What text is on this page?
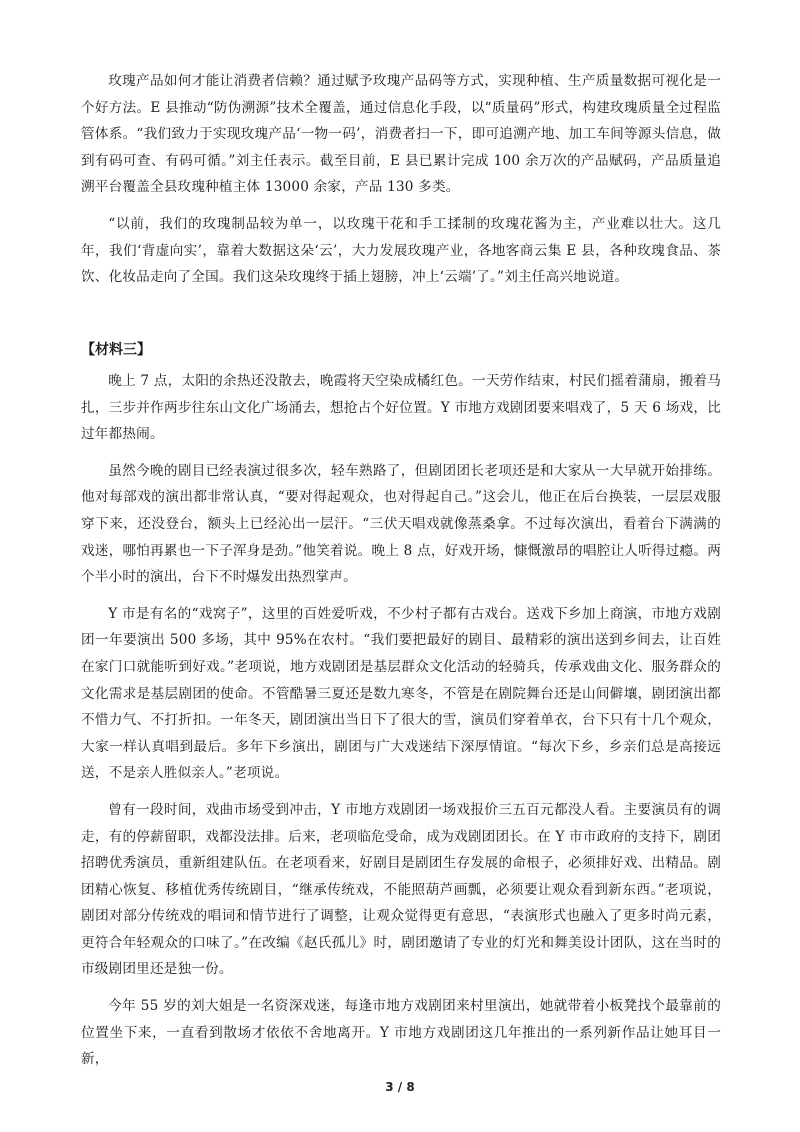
玫瑰产品如何才能让消费者信赖？通过赋予玫瑰产品码等方式，实现种植、生产质量数据可视化是一个好方法。E 县推动“防伪溯源”技术全覆盖，通过信息化手段，以“质量码”形式，构建玫瑰质量全过程监管体系。“我们致力于实现玫瑰产品‘一物一码’，消费者扫一下，即可追溯产地、加工车间等源头信息，做到有码可查、有码可循。”刘主任表示。截至目前，E 县已累计完成 100 余万次的产品赋码，产品质量追溯平台覆盖全县玫瑰种植主体 13000 余家，产品 130 多类。

“以前，我们的玫瑰制品较为单一，以玫瑰干花和手工揉制的玫瑰花酱为主，产业难以壮大。这几年，我们‘背虚向实’，靠着大数据这朵‘云’，大力发展玫瑰产业，各地客商云集 E 县，各种玫瑰食品、茶饮、化妆品走向了全国。我们这朵玫瑰终于插上翅膀，冲上‘云端’了。”刘主任高兴地说道。

【材料三】

晚上 7 点，太阳的余热还没散去，晚霞将天空染成橘红色。一天劳作结束，村民们摇着蒲扇，搬着马扎，三步并作两步往东山文化广场涌去，想抢占个好位置。Y 市地方戏剧团要来唱戏了，5 天 6 场戏，比过年都热闹。

虽然今晚的剧目已经表演过很多次，轻车熟路了，但剧团团长老项还是和大家从一大早就开始排练。他对每部戏的演出都非常认真，“要对得起观众，也对得起自己。”这会儿，他正在后台换装，一层层戏服穿下来，还没登台，额头上已经沁出一层汗。“三伏天唱戏就像蒸桑拿。不过每次演出，看着台下满满的戏迷，哪怕再累也一下子浑身是劲。”他笑着说。晚上 8 点，好戏开场，慷慨激昂的唱腔让人听得过瘾。两个半小时的演出，台下不时爆发出热烈掌声。

Y 市是有名的“戏窝子”，这里的百姓爱听戏，不少村子都有古戏台。送戏下乡加上商演，市地方戏剧团一年要演出 500 多场，其中 95%在农村。“我们要把最好的剧目、最精彩的演出送到乡间去，让百姓在家门口就能听到好戏。”老项说，地方戏剧团是基层群众文化活动的轻骑兵，传承戏曲文化、服务群众的文化需求是基层剧团的使命。不管酷暑三夏还是数九寒冬，不管是在剧院舞台还是山间僻壤，剧团演出都不惜力气、不打折扣。一年冬天，剧团演出当日下了很大的雪，演员们穿着单衣，台下只有十几个观众，大家一样认真唱到最后。多年下乡演出，剧团与广大戏迷结下深厚情谊。“每次下乡，乡亲们总是高接远送，不是亲人胜似亲人。”老项说。

曾有一段时间，戏曲市场受到冲击，Y 市地方戏剧团一场戏报价三五百元都没人看。主要演员有的调走，有的停薪留职，戏都没法排。后来，老项临危受命，成为戏剧团团长。在 Y 市市政府的支持下，剧团招聘优秀演员，重新组建队伍。在老项看来，好剧目是剧团生存发展的命根子，必须排好戏、出精品。剧团精心恢复、移植优秀传统剧目，“继承传统戏，不能照葫芦画瓢，必须要让观众看到新东西。”老项说，剧团对部分传统戏的唱词和情节进行了调整，让观众觉得更有意思，“表演形式也融入了更多时尚元素，更符合年轻观众的口味了。”在改编《赵氏孤儿》时，剧团邀请了专业的灯光和舞美设计团队，这在当时的市级剧团里还是独一份。

今年 55 岁的刘大姐是一名资深戏迷，每逢市地方戏剧团来村里演出，她就带着小板凳找个最靠前的位置坐下来，一直看到散场才依依不舍地离开。Y 市地方戏剧团这几年推出的一系列新作品让她耳目一新，

3 / 8
